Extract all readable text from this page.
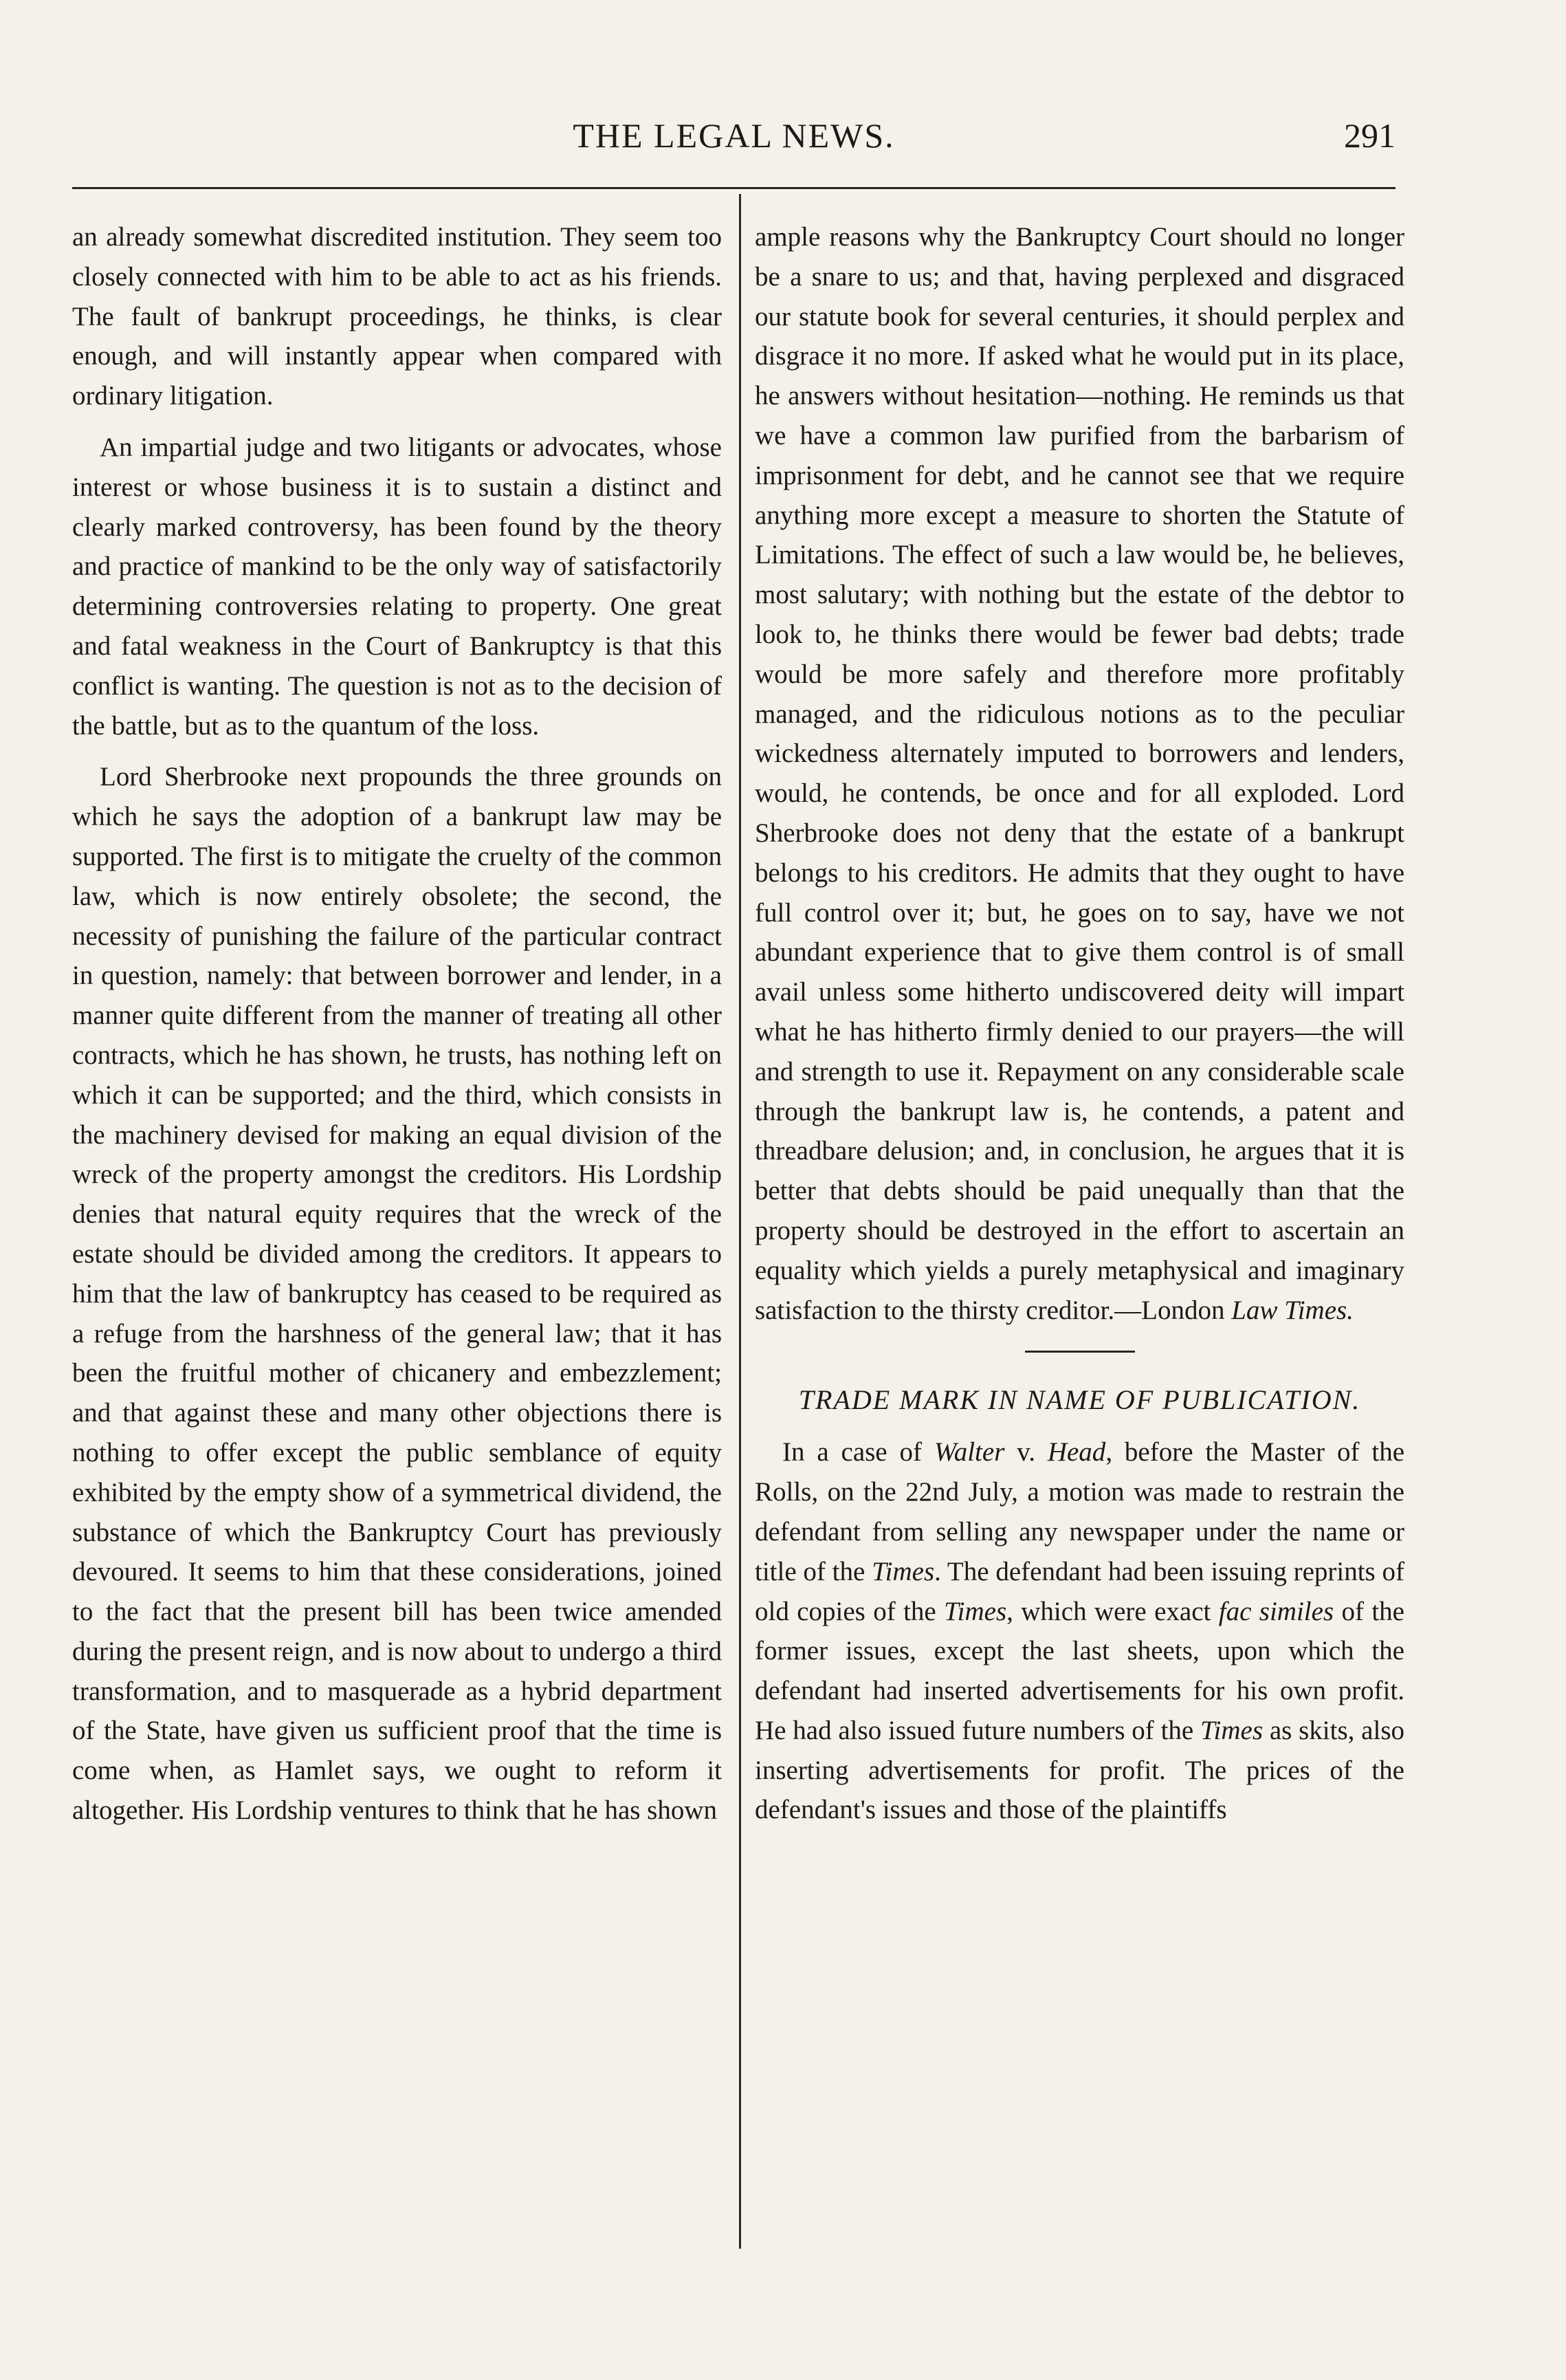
THE LEGAL NEWS.	291

an already somewhat discredited institution. They seem too closely connected with him to be able to act as his friends. The fault of bankrupt proceedings, he thinks, is clear enough, and will instantly appear when compared with ordinary litigation.

An impartial judge and two litigants or advocates, whose interest or whose business it is to sustain a distinct and clearly marked controversy, has been found by the theory and practice of mankind to be the only way of satisfactorily determining controversies relating to property. One great and fatal weakness in the Court of Bankruptcy is that this conflict is wanting. The question is not as to the decision of the battle, but as to the quantum of the loss.

Lord Sherbrooke next propounds the three grounds on which he says the adoption of a bankrupt law may be supported. The first is to mitigate the cruelty of the common law, which is now entirely obsolete; the second, the necessity of punishing the failure of the particular contract in question, namely: that between borrower and lender, in a manner quite different from the manner of treating all other contracts, which he has shown, he trusts, has nothing left on which it can be supported; and the third, which consists in the machinery devised for making an equal division of the wreck of the property amongst the creditors. His Lordship denies that natural equity requires that the wreck of the estate should be divided among the creditors. It appears to him that the law of bankruptcy has ceased to be required as a refuge from the harshness of the general law; that it has been the fruitful mother of chicanery and embezzlement; and that against these and many other objections there is nothing to offer except the public semblance of equity exhibited by the empty show of a symmetrical dividend, the substance of which the Bankruptcy Court has previously devoured. It seems to him that these considerations, joined to the fact that the present bill has been twice amended during the present reign, and is now about to undergo a third transformation, and to masquerade as a hybrid department of the State, have given us sufficient proof that the time is come when, as Hamlet says, we ought to reform it altogether. His Lordship ventures to think that he has shown

ample reasons why the Bankruptcy Court should no longer be a snare to us; and that, having perplexed and disgraced our statute book for several centuries, it should perplex and disgrace it no more. If asked what he would put in its place, he answers without hesitation—nothing. He reminds us that we have a common law purified from the barbarism of imprisonment for debt, and he cannot see that we require anything more except a measure to shorten the Statute of Limitations. The effect of such a law would be, he believes, most salutary; with nothing but the estate of the debtor to look to, he thinks there would be fewer bad debts; trade would be more safely and therefore more profitably managed, and the ridiculous notions as to the peculiar wickedness alternately imputed to borrowers and lenders, would, he contends, be once and for all exploded. Lord Sherbrooke does not deny that the estate of a bankrupt belongs to his creditors. He admits that they ought to have full control over it; but, he goes on to say, have we not abundant experience that to give them control is of small avail unless some hitherto undiscovered deity will impart what he has hitherto firmly denied to our prayers—the will and strength to use it. Repayment on any considerable scale through the bankrupt law is, he contends, a patent and threadbare delusion; and, in conclusion, he argues that it is better that debts should be paid unequally than that the property should be destroyed in the effort to ascertain an equality which yields a purely metaphysical and imaginary satisfaction to the thirsty creditor.—London Law Times.

TRADE MARK IN NAME OF PUBLICATION.

In a case of Walter v. Head, before the Master of the Rolls, on the 22nd July, a motion was made to restrain the defendant from selling any newspaper under the name or title of the Times. The defendant had been issuing reprints of old copies of the Times, which were exact fac similes of the former issues, except the last sheets, upon which the defendant had inserted advertisements for his own profit. He had also issued future numbers of the Times as skits, also inserting advertisements for profit. The prices of the defendant's issues and those of the plaintiffs
